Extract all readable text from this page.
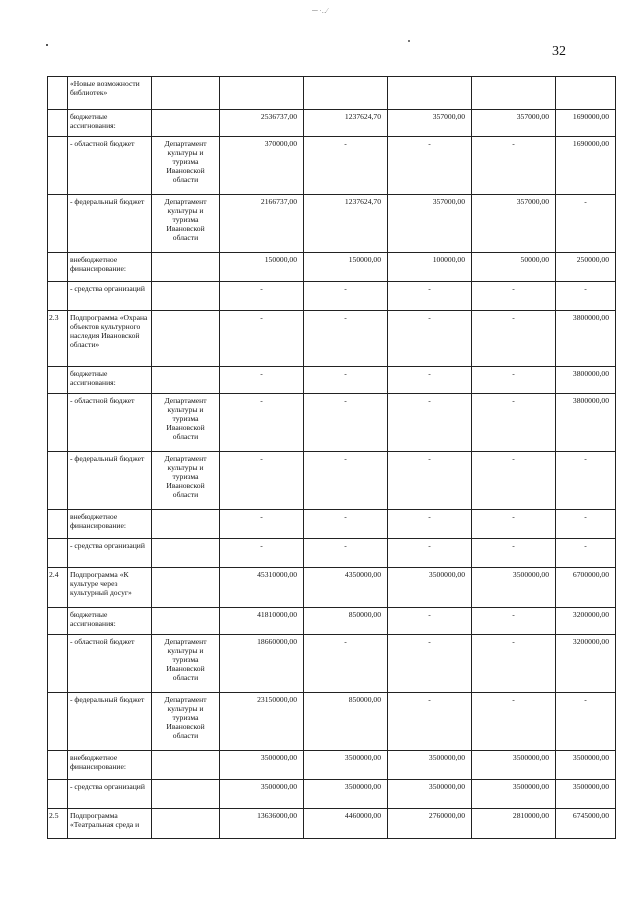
᠆᠆ ·‥⁄
32
	«Новые возможности библиотек»						
	бюджетные ассигнования:		2536737,00	1237624,70	357000,00	357000,00	1690000,00
	- областной бюджет	Департамент культуры и туризма Ивановской области	370000,00	-	-	-	1690000,00
	- федеральный бюджет	Департамент культуры и туризма Ивановской области	2166737,00	1237624,70	357000,00	357000,00	-
	внебюджетное финансирование:		150000,00	150000,00	100000,00	50000,00	250000,00
	- средства организаций		-	-	-	-	-
2.3	Подпрограмма «Охрана объектов культурного наследия Ивановской области»		-	-	-	-	3800000,00
	бюджетные ассигнования:		-	-	-	-	3800000,00
	- областной бюджет	Департамент культуры и туризма Ивановской области	-	-	-	-	3800000,00
	- федеральный бюджет	Департамент культуры и туризма Ивановской области	-	-	-	-	-
	внебюджетное финансирование:		-	-	-	-	-
	- средства организаций		-	-	-	-	-
2.4	Подпрограмма «К культуре через культурный досуг»		45310000,00	4350000,00	3500000,00	3500000,00	6700000,00
	бюджетные ассигнования:		41810000,00	850000,00	-	-	3200000,00
	- областной бюджет	Департамент культуры и туризма Ивановской области	18660000,00	-	-	-	3200000,00
	- федеральный бюджет	Департамент культуры и туризма Ивановской области	23150000,00	850000,00	-	-	-
	внебюджетное финансирование:		3500000,00	3500000,00	3500000,00	3500000,00	3500000,00
	- средства организаций		3500000,00	3500000,00	3500000,00	3500000,00	3500000,00
2.5	Подпрограмма «Театральная среда и		13636000,00	4460000,00	2760000,00	2810000,00	6745000,00
